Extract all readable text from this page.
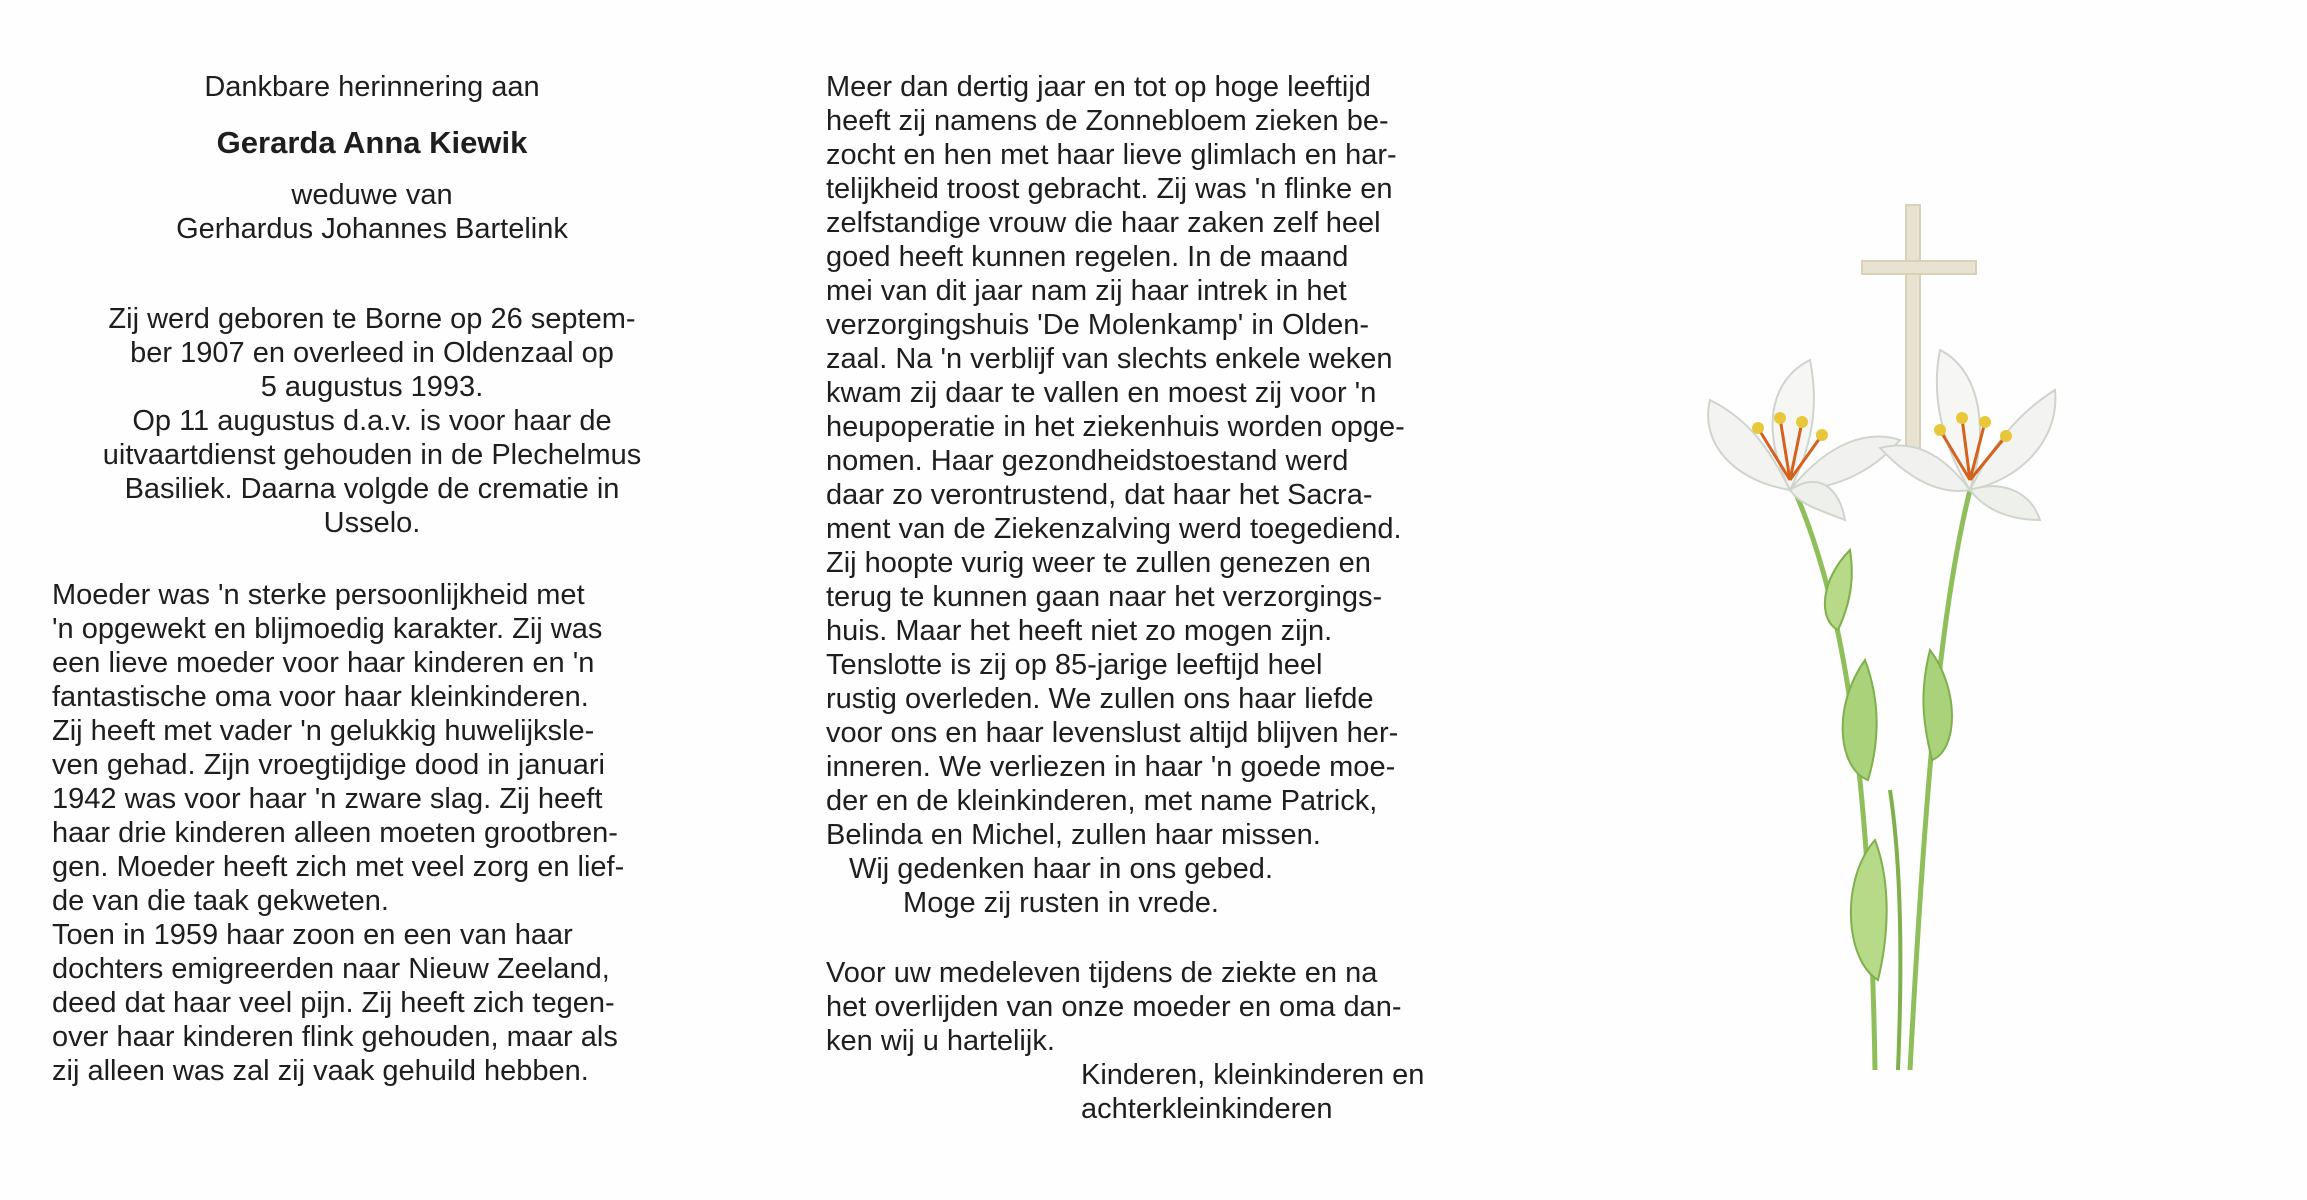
Dankbare herinnering aan
Gerarda Anna Kiewik
weduwe van
Gerhardus Johannes Bartelink
Zij werd geboren te Borne op 26 septem-
ber 1907 en overleed in Oldenzaal op
5 augustus 1993.
Op 11 augustus d.a.v. is voor haar de
uitvaartdienst gehouden in de Plechelmus
Basiliek. Daarna volgde de crematie in
Usselo.
Moeder was 'n sterke persoonlijkheid met
'n opgewekt en blijmoedig karakter. Zij was
een lieve moeder voor haar kinderen en 'n
fantastische oma voor haar kleinkinderen.
Zij heeft met vader 'n gelukkig huwelijksle-
ven gehad. Zijn vroegtijdige dood in januari
1942 was voor haar 'n zware slag. Zij heeft
haar drie kinderen alleen moeten grootbren-
gen. Moeder heeft zich met veel zorg en lief-
de van die taak gekweten.
Toen in 1959 haar zoon en een van haar
dochters emigreerden naar Nieuw Zeeland,
deed dat haar veel pijn. Zij heeft zich tegen-
over haar kinderen flink gehouden, maar als
zij alleen was zal zij vaak gehuild hebben.
Meer dan dertig jaar en tot op hoge leeftijd
heeft zij namens de Zonnebloem zieken be-
zocht en hen met haar lieve glimlach en har-
telijkheid troost gebracht. Zij was 'n flinke en
zelfstandige vrouw die haar zaken zelf heel
goed heeft kunnen regelen. In de maand
mei van dit jaar nam zij haar intrek in het
verzorgingshuis 'De Molenkamp' in Olden-
zaal. Na 'n verblijf van slechts enkele weken
kwam zij daar te vallen en moest zij voor 'n
heupoperatie in het ziekenhuis worden opge-
nomen. Haar gezondheidstoestand werd
daar zo verontrustend, dat haar het Sacra-
ment van de Ziekenzalving werd toegediend.
Zij hoopte vurig weer te zullen genezen en
terug te kunnen gaan naar het verzorgings-
huis. Maar het heeft niet zo mogen zijn.
Tenslotte is zij op 85-jarige leeftijd heel
rustig overleden. We zullen ons haar liefde
voor ons en haar levenslust altijd blijven her-
inneren. We verliezen in haar 'n goede moe-
der en de kleinkinderen, met name Patrick,
Belinda en Michel, zullen haar missen.
Wij gedenken haar in ons gebed.
Moge zij rusten in vrede.
Voor uw medeleven tijdens de ziekte en na
het overlijden van onze moeder en oma dan-
ken wij u hartelijk.
Kinderen, kleinkinderen en
achterkleinkinderen
